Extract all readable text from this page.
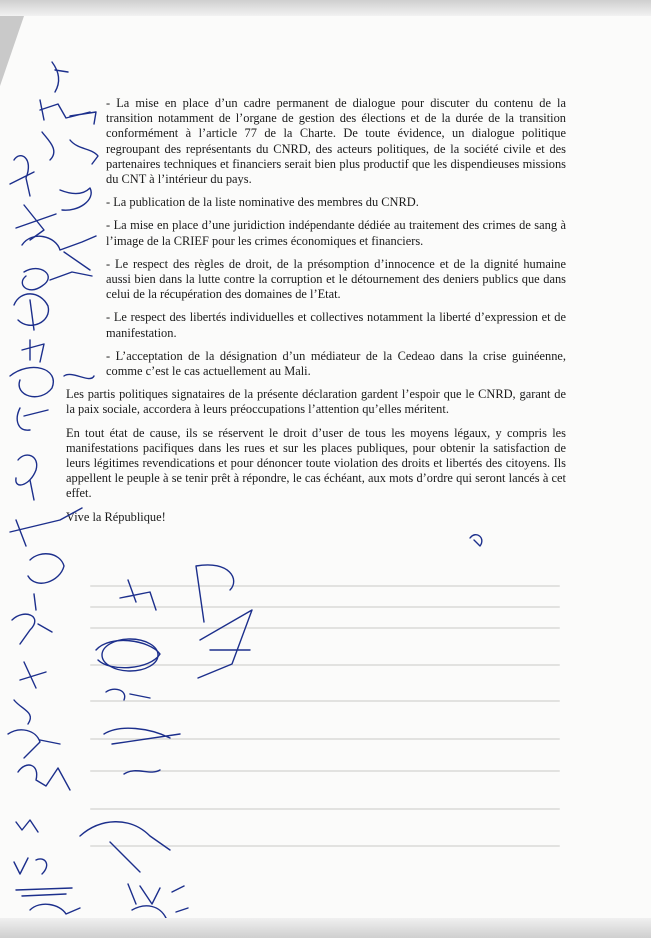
- La mise en place d’un cadre permanent de dialogue pour discuter du contenu de la transition notamment de l’organe de gestion des élections et de la durée de la transition conformément à l’article 77 de la Charte. De toute évidence, un dialogue politique regroupant des représentants du CNRD, des acteurs politiques, de la société civile et des partenaires techniques et financiers serait bien plus productif que les dispendieuses missions du CNT à l’intérieur du pays.

- La publication de la liste nominative des membres du CNRD.

- La mise en place d’une juridiction indépendante dédiée au traitement des crimes de sang à l’image de la CRIEF pour les crimes économiques et financiers.

- Le respect des règles de droit, de la présomption d’innocence et de la dignité humaine aussi bien dans la lutte contre la corruption et le détournement des deniers publics que dans celui de la récupération des domaines de l’Etat.

- Le respect des libertés individuelles et collectives notamment la liberté d’expression et de manifestation.

- L’acceptation de la désignation d’un médiateur de la Cedeao dans la crise guinéenne, comme c’est le cas actuellement au Mali.

Les partis politiques signataires de la présente déclaration gardent l’espoir que le CNRD, garant de la paix sociale, accordera à leurs préoccupations l’attention qu’elles méritent.

En tout état de cause, ils se réservent le droit d’user de tous les moyens légaux, y compris les manifestations pacifiques dans les rues et sur les places publiques, pour obtenir la satisfaction de leurs légitimes revendications et pour dénoncer toute violation des droits et libertés des citoyens. Ils appellent le peuple à se tenir prêt à répondre, le cas échéant, aux mots d’ordre qui seront lancés à cet effet.

Vive la République!
